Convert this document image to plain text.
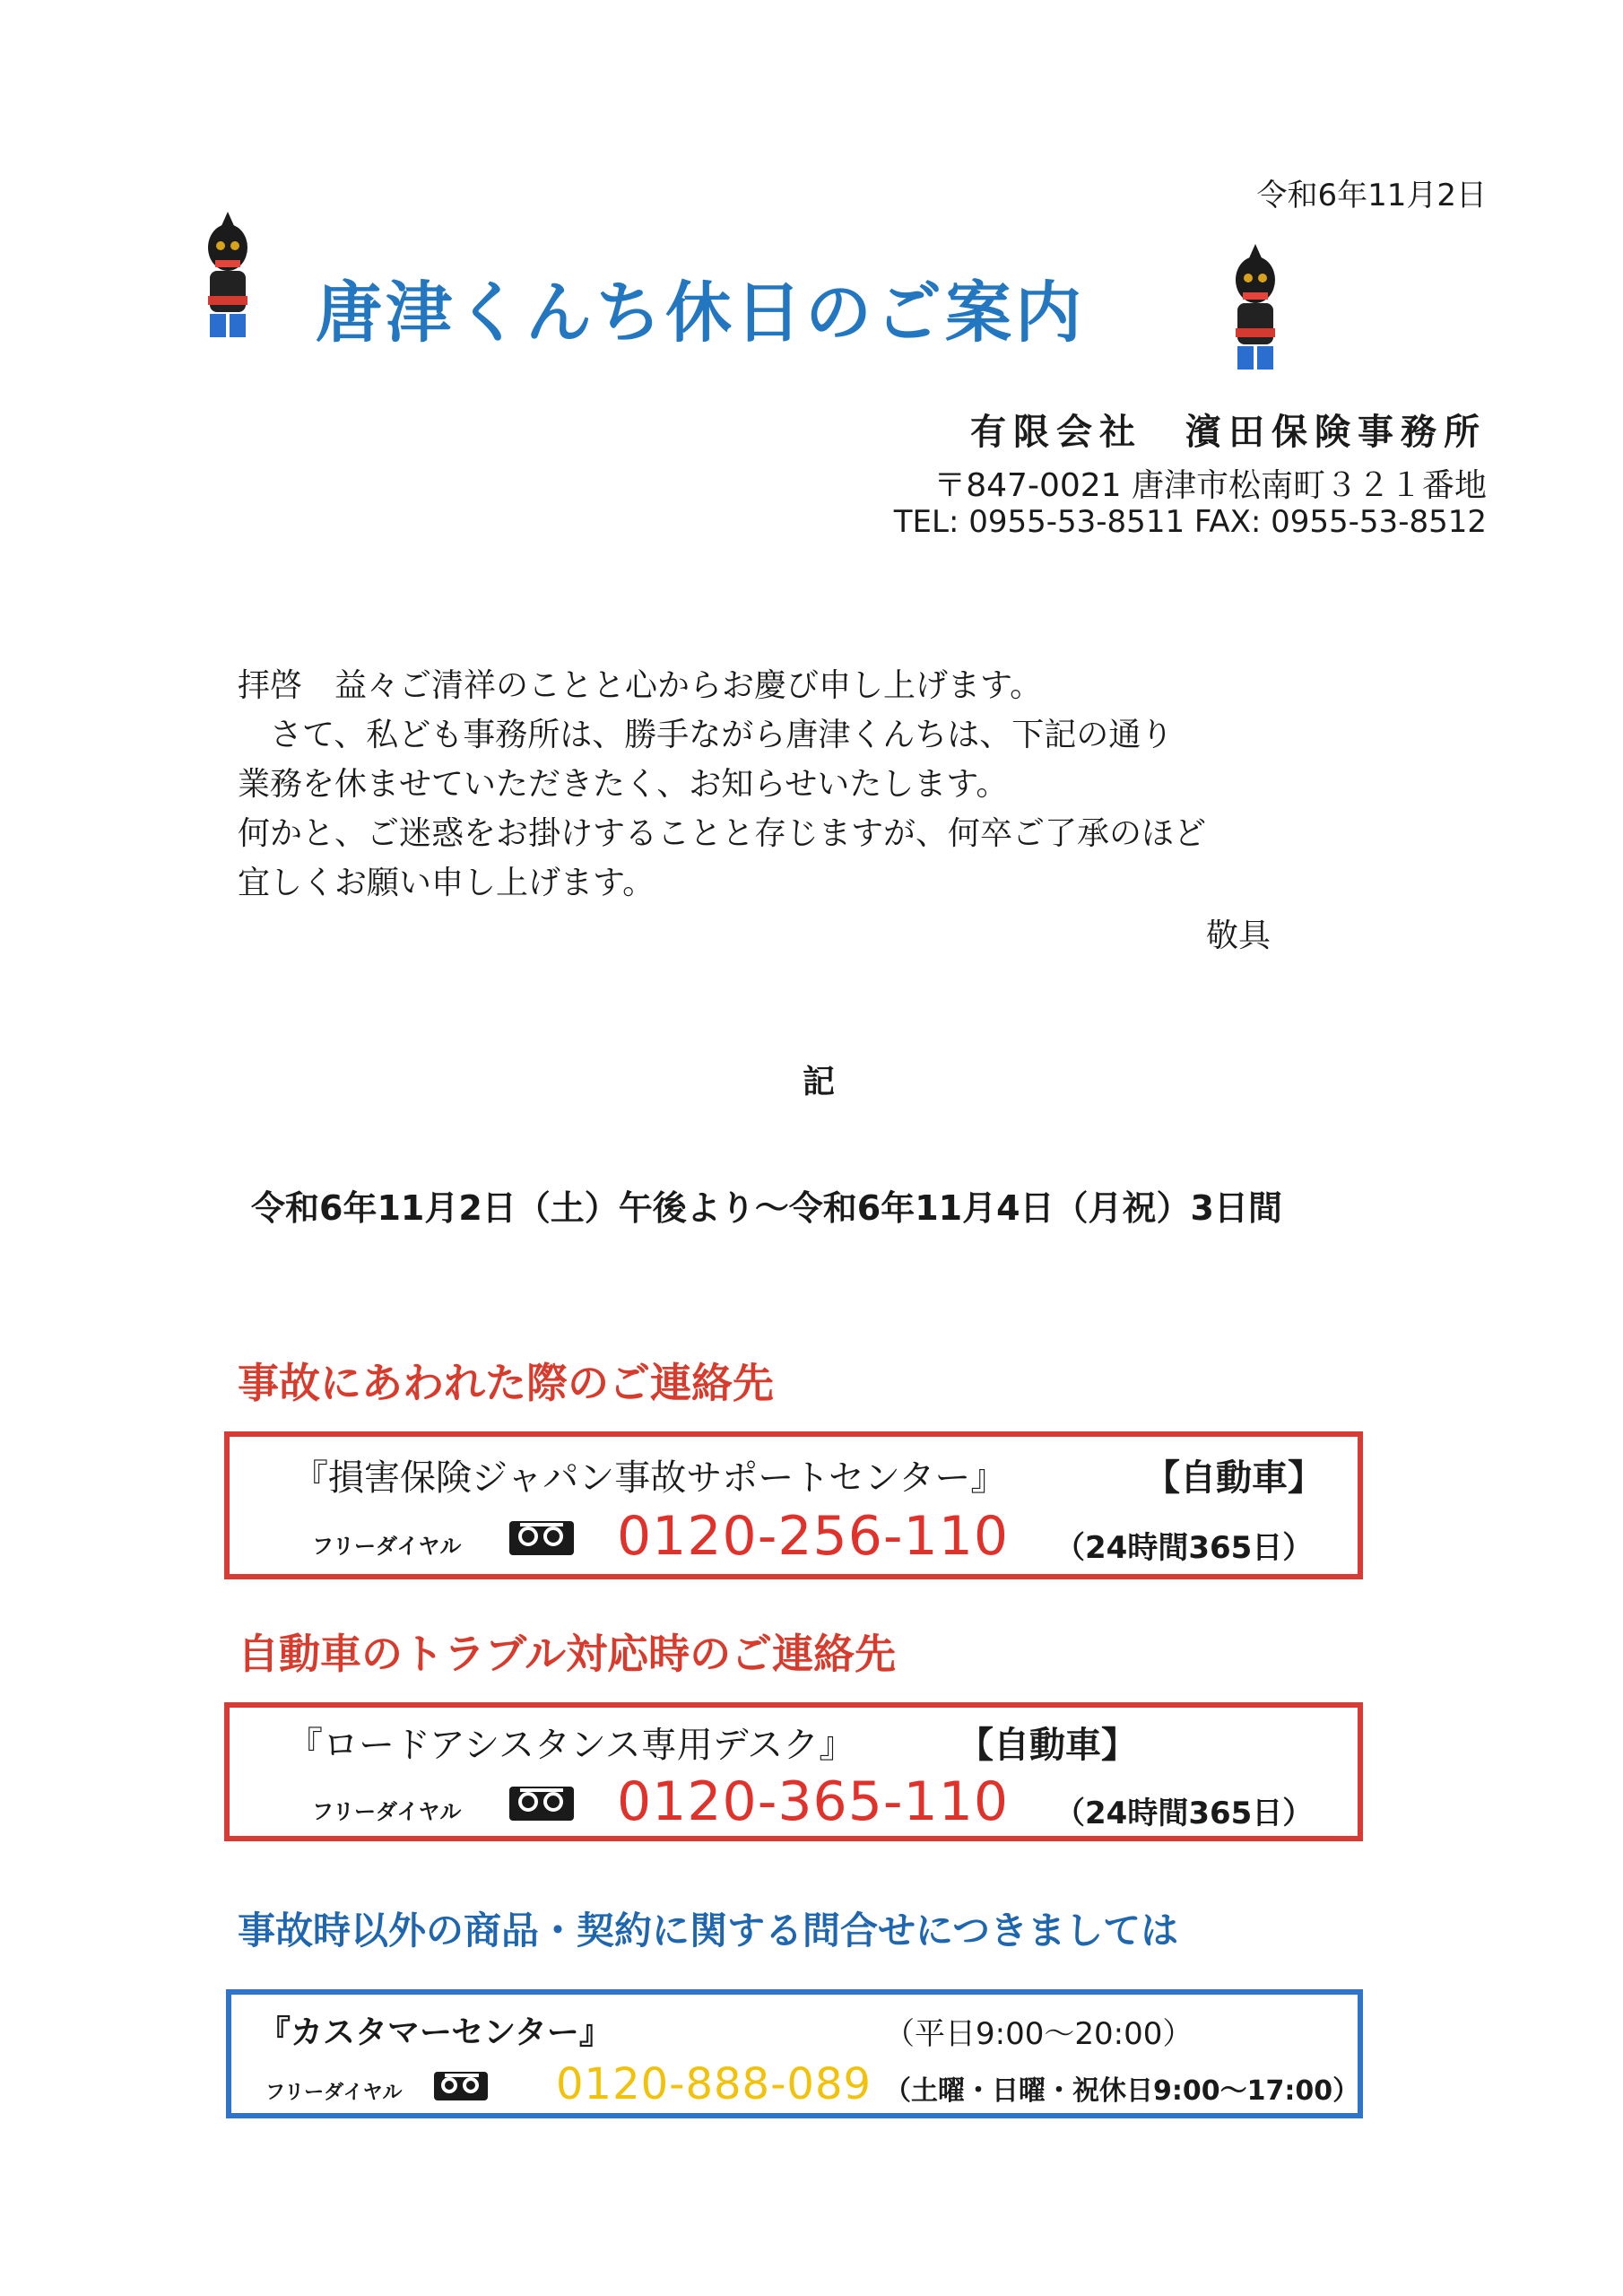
令和6年11月2日
唐津くんち休日のご案内
有限会社　濱田保険事務所
〒847-0021 唐津市松南町３２１番地
TEL: 0955-53-8511 FAX: 0955-53-8512
拝啓　益々ご清祥のことと心からお慶び申し上げます。
　さて、私ども事務所は、勝手ながら唐津くんちは、下記の通り
業務を休ませていただきたく、お知らせいたします。
何かと、ご迷惑をお掛けすることと存じますが、何卒ご了承のほど
宜しくお願い申し上げます。
敬具
記
令和6年11月2日（土）午後より～令和6年11月4日（月祝）3日間
事故にあわれた際のご連絡先
『損害保険ジャパン事故サポートセンター』	【自動車】
フリーダイヤル	0120-256-110 （24時間365日）
自動車のトラブル対応時のご連絡先
『ロードアシスタンス専用デスク』	【自動車】
フリーダイヤル	0120-365-110 （24時間365日）
事故時以外の商品・契約に関する問合せにつきましては
『カスタマーセンター』	（平日9:00～20:00）
フリーダイヤル	0120-888-089 （土曜・日曜・祝休日9:00～17:00）
